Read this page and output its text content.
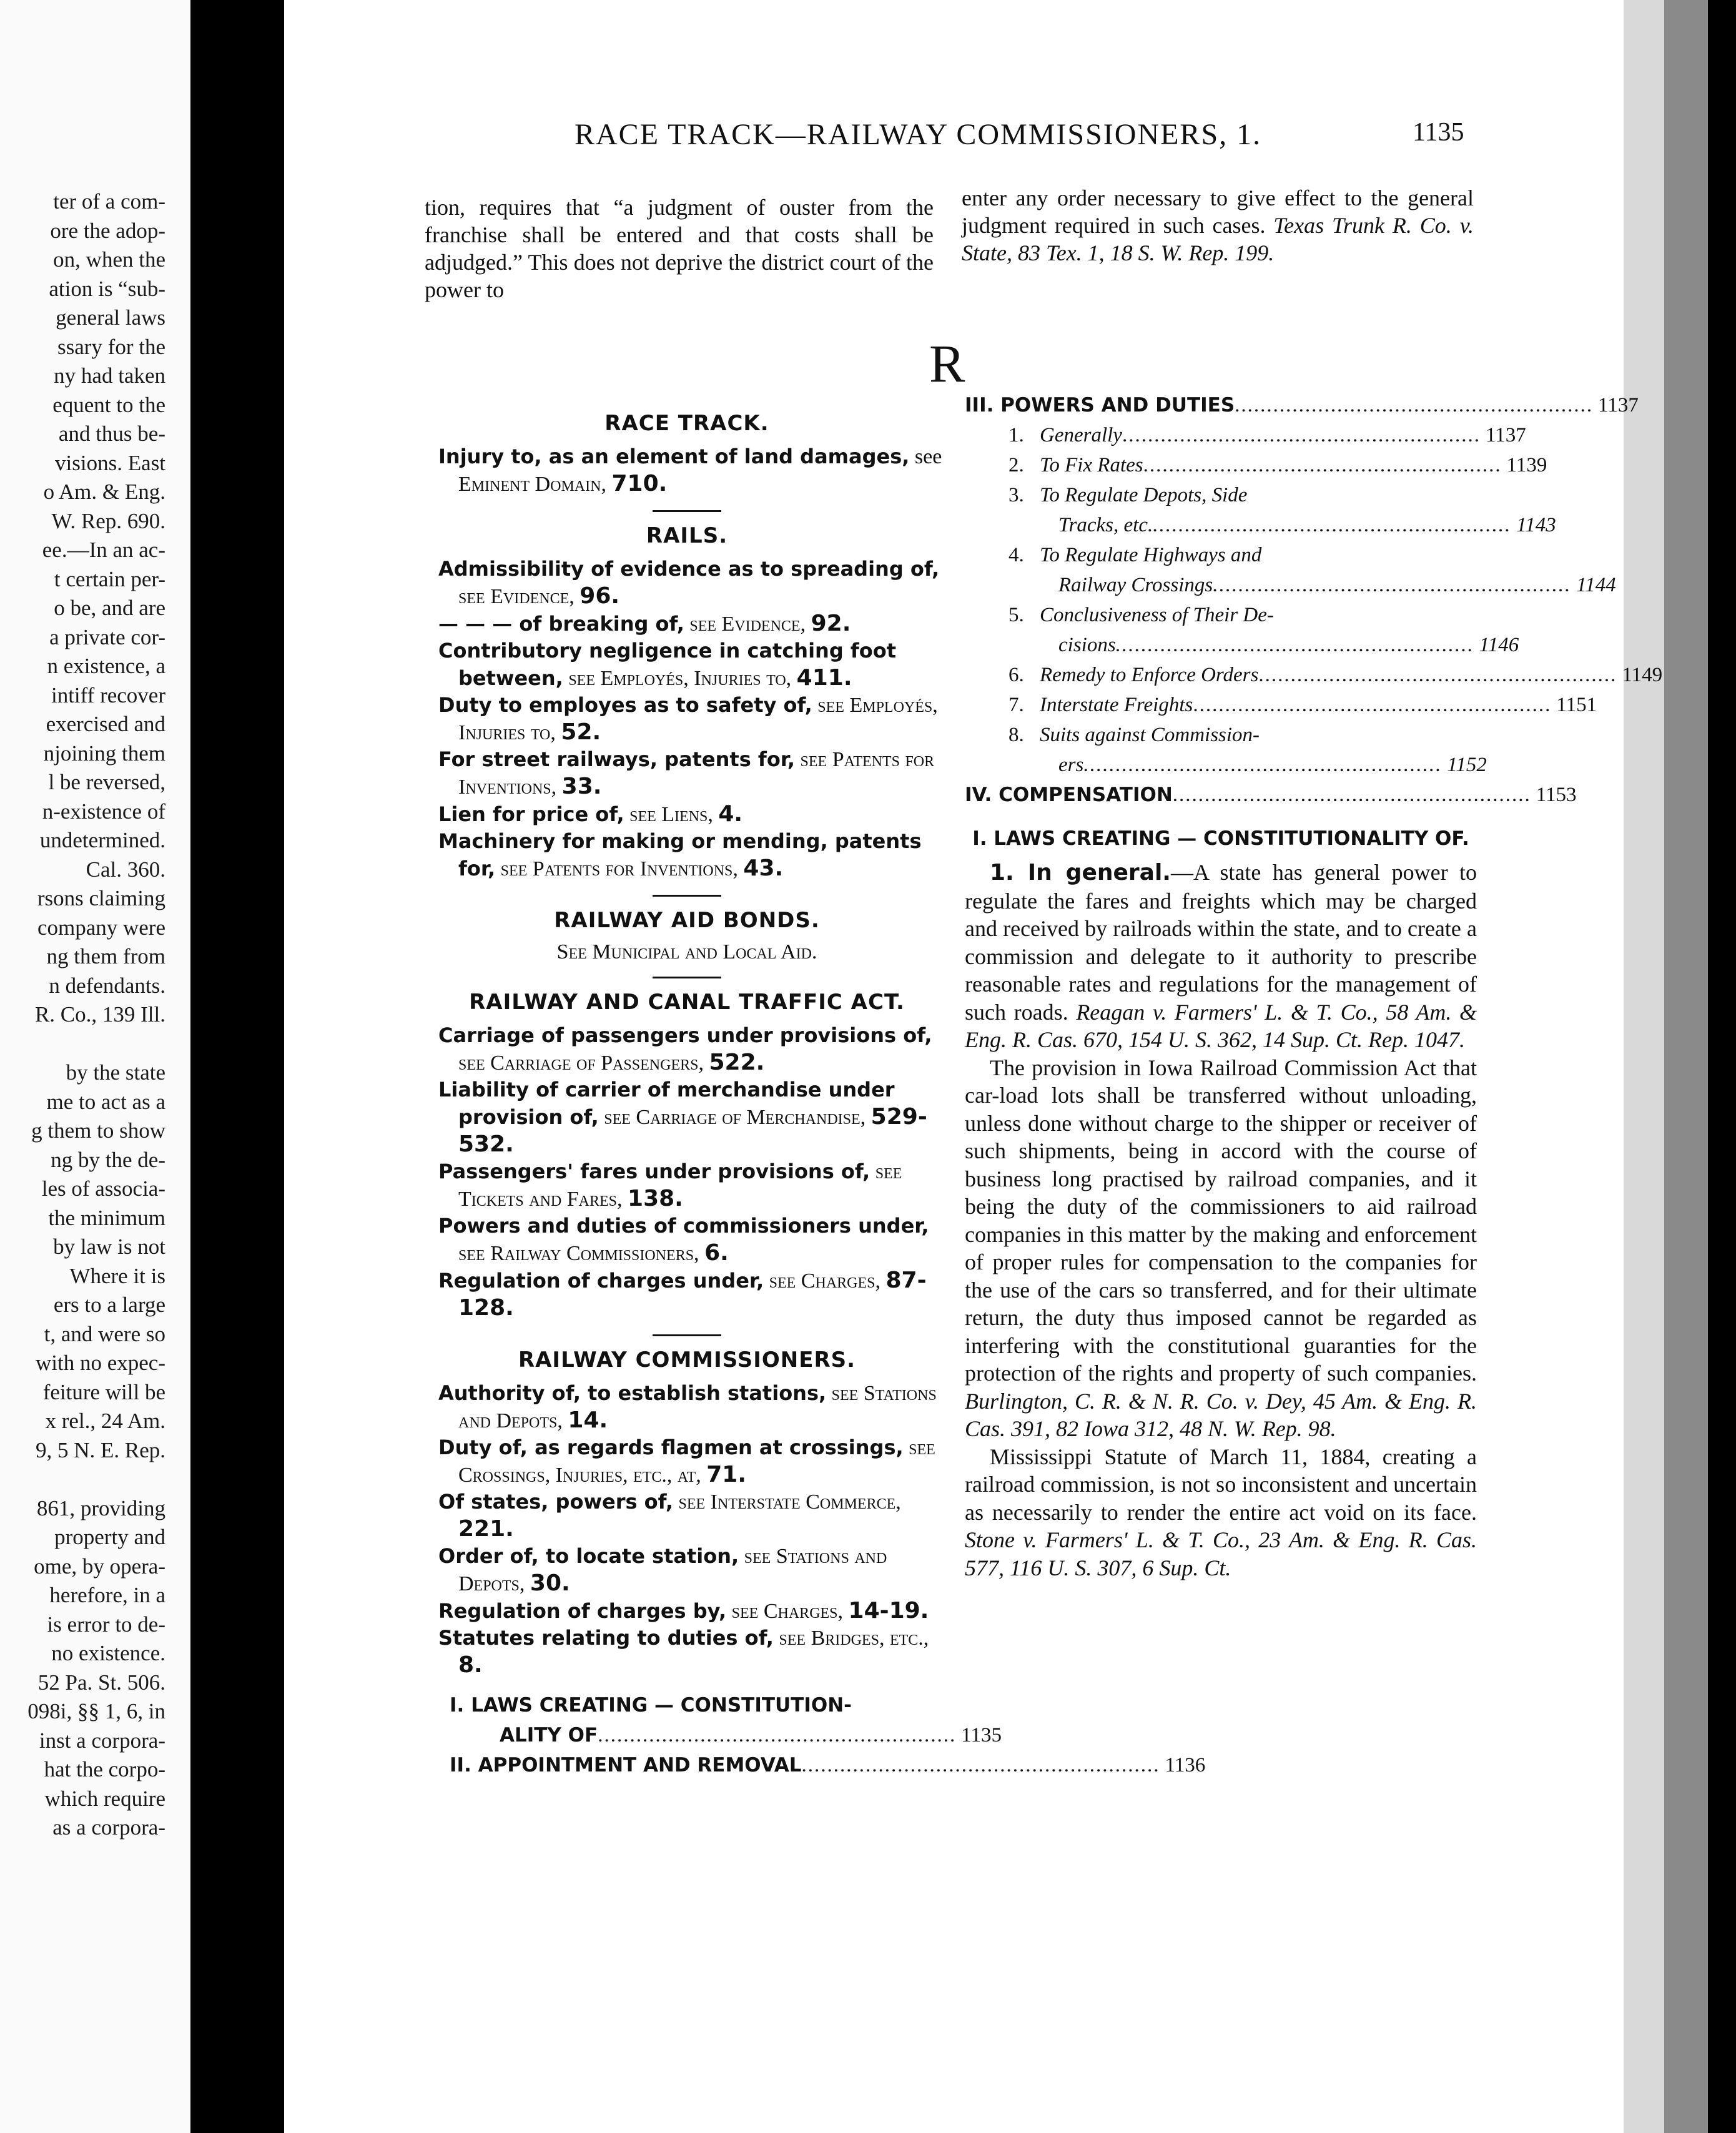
ter of a com-
ore the adop-
on, when the
ation is “sub-
general laws
ssary for the
ny had taken
equent to the
and thus be-
visions. East
o Am. & Eng.
W. Rep. 690.
ee.—In an ac-
t certain per-
o be, and are
a private cor-
n existence, a
intiff recover
exercised and
njoining them
l be reversed,
n-existence of
undetermined.
Cal. 360.
rsons claiming
company were
ng them from
n defendants.
R. Co., 139 Ill.
by the state
me to act as a
g them to show
ng by the de-
les of associa-
the minimum
by law is not
Where it is
ers to a large
t, and were so
with no expec-
feiture will be
x rel., 24 Am.
9, 5 N. E. Rep.
861, providing
property and
ome, by opera-
herefore, in a
is error to de-
no existence.
52 Pa. St. 506.
098i, §§ 1, 6, in
inst a corpora-
hat the corpo-
which require
as a corpora-
RACE TRACK—RAILWAY COMMISSIONERS, 1.	1135
tion, requires that “a judgment of ouster from the franchise shall be entered and that costs shall be adjudged.” This does not deprive the district court of the power to
enter any order necessary to give effect to the general judgment required in such cases. Texas Trunk R. Co. v. State, 83 Tex. 1, 18 S. W. Rep. 199.
R
RACE TRACK.
Injury to, as an element of land damages, see Eminent Domain, 710.
RAILS.
Admissibility of evidence as to spreading of, see Evidence, 96.
— — — of breaking of, see Evidence, 92.
Contributory negligence in catching foot between, see Employés, Injuries to, 411.
Duty to employes as to safety of, see Employés, Injuries to, 52.
For street railways, patents for, see Patents for Inventions, 33.
Lien for price of, see Liens, 4.
Machinery for making or mending, patents for, see Patents for Inventions, 43.
RAILWAY AID BONDS.
See Municipal and Local Aid.
RAILWAY AND CANAL TRAFFIC ACT.
Carriage of passengers under provisions of, see Carriage of Passengers, 522.
Liability of carrier of merchandise under provision of, see Carriage of Merchandise, 529-532.
Passengers' fares under provisions of, see Tickets and Fares, 138.
Powers and duties of commissioners under, see Railway Commissioners, 6.
Regulation of charges under, see Charges, 87-128.
RAILWAY COMMISSIONERS.
Authority of, to establish stations, see Stations and Depots, 14.
Duty of, as regards flagmen at crossings, see Crossings, Injuries, etc., at, 71.
Of states, powers of, see Interstate Commerce, 221.
Order of, to locate station, see Stations and Depots, 30.
Regulation of charges by, see Charges, 14-19.
Statutes relating to duties of, see Bridges, etc., 8.
I. LAWS CREATING — CONSTITUTION-
ALITY OF ........................................................ 1135
II. APPOINTMENT AND REMOVAL ........................................................ 1136
III. POWERS AND DUTIES ........................................................ 1137
1. Generally ........................................................ 1137
2. To Fix Rates ........................................................ 1139
3. To Regulate Depots, Side
Tracks, etc. ........................................................ 1143
4. To Regulate Highways and
Railway Crossings ........................................................ 1144
5. Conclusiveness of Their De-
cisions ........................................................ 1146
6. Remedy to Enforce Orders ........................................................ 1149
7. Interstate Freights ........................................................ 1151
8. Suits against Commission-
ers ........................................................ 1152
IV. COMPENSATION ........................................................ 1153
I. LAWS CREATING — CONSTITUTIONALITY OF.
1. In general.—A state has general power to regulate the fares and freights which may be charged and received by railroads within the state, and to create a commission and delegate to it authority to prescribe reasonable rates and regulations for the management of such roads. Reagan v. Farmers' L. & T. Co., 58 Am. & Eng. R. Cas. 670, 154 U. S. 362, 14 Sup. Ct. Rep. 1047.
The provision in Iowa Railroad Commission Act that car-load lots shall be transferred without unloading, unless done without charge to the shipper or receiver of such shipments, being in accord with the course of business long practised by railroad companies, and it being the duty of the commissioners to aid railroad companies in this matter by the making and enforcement of proper rules for compensation to the companies for the use of the cars so transferred, and for their ultimate return, the duty thus imposed cannot be regarded as interfering with the constitutional guaranties for the protection of the rights and property of such companies. Burlington, C. R. & N. R. Co. v. Dey, 45 Am. & Eng. R. Cas. 391, 82 Iowa 312, 48 N. W. Rep. 98.
Mississippi Statute of March 11, 1884, creating a railroad commission, is not so inconsistent and uncertain as necessarily to render the entire act void on its face. Stone v. Farmers' L. & T. Co., 23 Am. & Eng. R. Cas. 577, 116 U. S. 307, 6 Sup. Ct.
